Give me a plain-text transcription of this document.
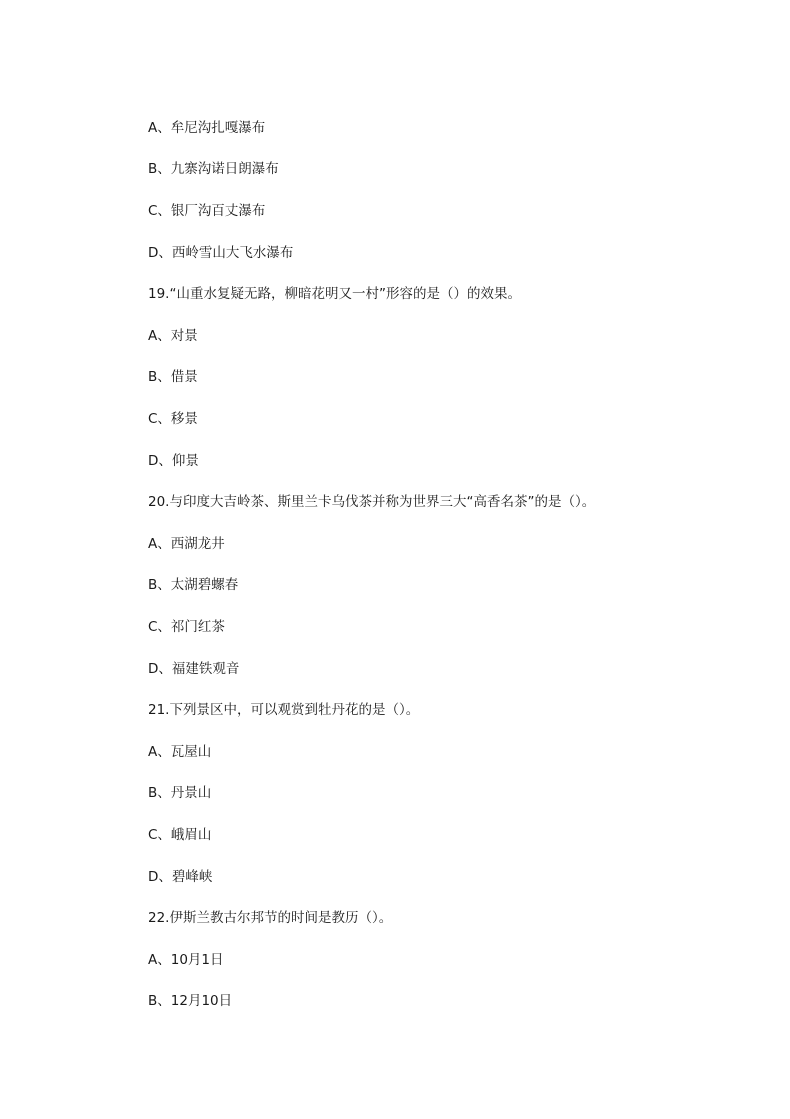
A、牟尼沟扎嘎瀑布
B、九寨沟诺日朗瀑布
C、银厂沟百丈瀑布
D、西岭雪山大飞水瀑布
19.“山重水复疑无路，柳暗花明又一村”形容的是（）的效果。
A、对景
B、借景
C、移景
D、仰景
20.与印度大吉岭茶、斯里兰卡乌伐茶并称为世界三大“高香名茶”的是（）。
A、西湖龙井
B、太湖碧螺春
C、祁门红茶
D、福建铁观音
21.下列景区中，可以观赏到牡丹花的是（）。
A、瓦屋山
B、丹景山
C、峨眉山
D、碧峰峡
22.伊斯兰教古尔邦节的时间是教历（）。
A、10月1日
B、12月10日
